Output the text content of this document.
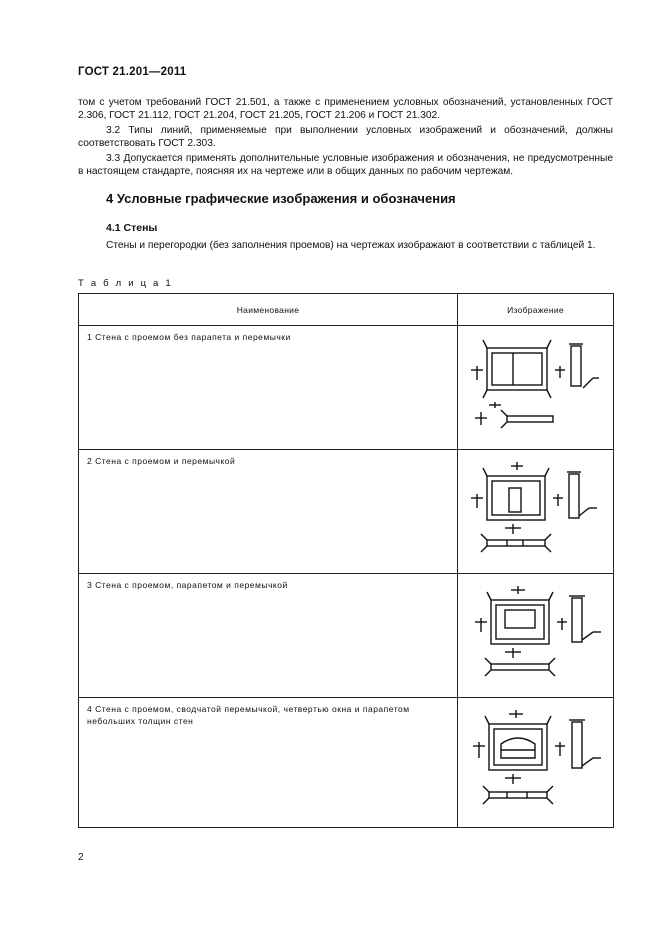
ГОСТ 21.201—2011
том с учетом требований ГОСТ 21.501, а также с применением условных обозначений, установленных ГОСТ 2.306, ГОСТ 21.112, ГОСТ 21.204, ГОСТ 21.205, ГОСТ 21.206 и ГОСТ 21.302.
3.2 Типы линий, применяемые при выполнении условных изображений и обозначений, должны соответствовать ГОСТ 2.303.
3.3 Допускается применять дополнительные условные изображения и обозначения, не предусмотренные в настоящем стандарте, поясняя их на чертеже или в общих данных по рабочим чертежам.
4 Условные графические изображения и обозначения
4.1 Стены
Стены и перегородки (без заполнения проемов) на чертежах изображают в соответствии с таблицей 1.
Т а б л и ц а 1
Наименование	Изображение
1 Стена с проемом без парапета и перемычки	

2 Стена с проемом и перемычкой	

3 Стена с проемом, парапетом и перемычкой	

4 Стена с проемом, сводчатой перемычкой, четвертью окна и парапетом небольших толщин стен	
2
